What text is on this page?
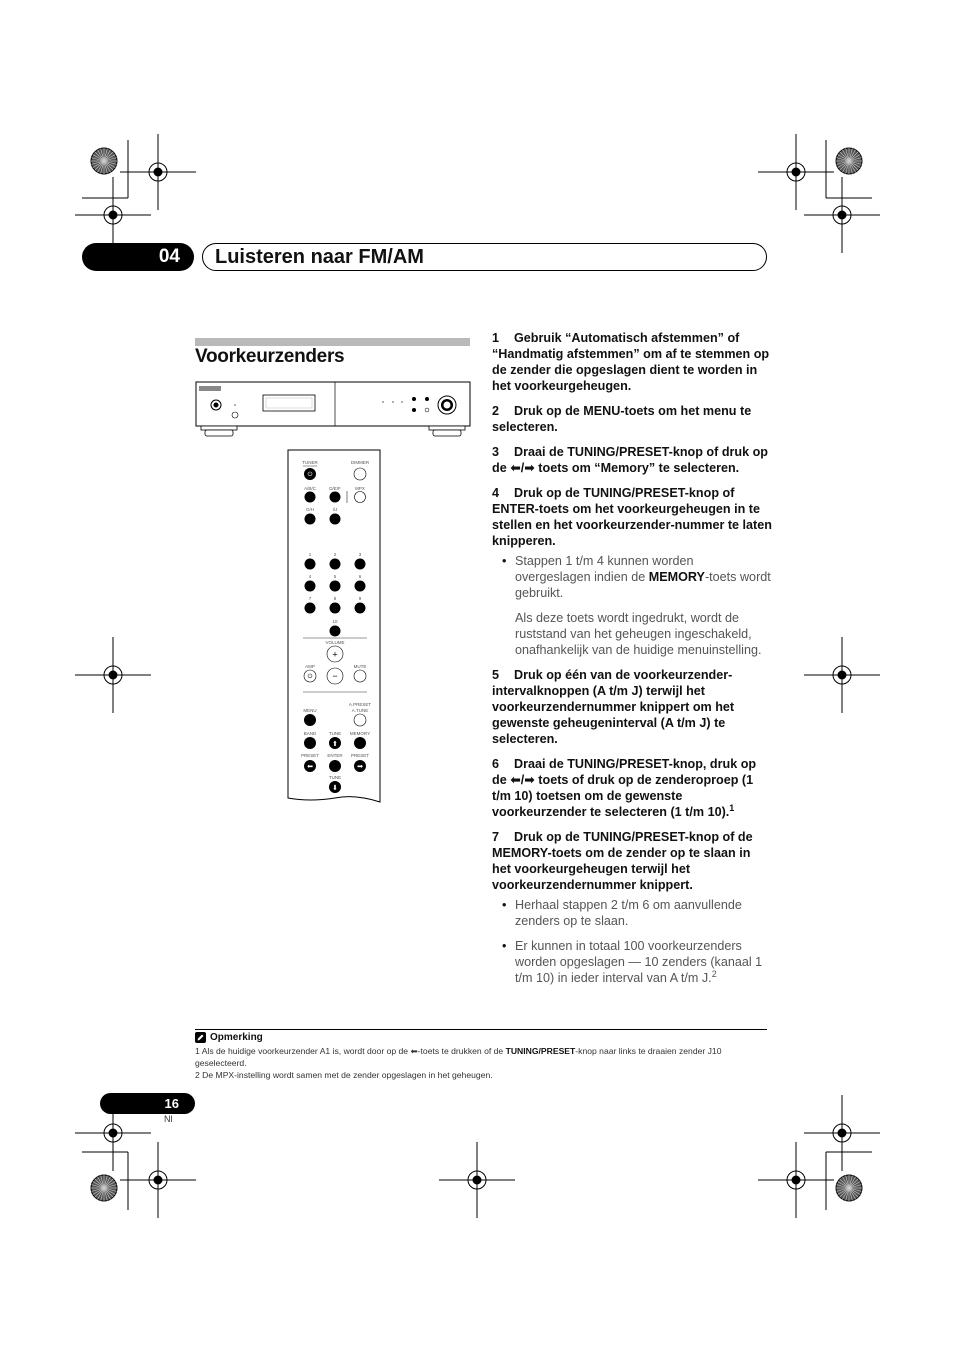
04	Luisteren naar FM/AM
Voorkeurzenders
TUNER
⏻
DIMMER
A/B/C	D/E/F	MPX
G/H	I/J
1	2	3
4	5	6
7	8	9
10
VOLUME
+
−
AMP
⏻
MUTE
A.PRESET
A.TUNE
MENU
BAND	TUNE
⬆
MEMORY
PRESET
⬅
ENTER PRESET
➡
TUNE
⬇
1 Gebruik “Automatisch afstemmen” of “Handmatig afstemmen” om af te stemmen op de zender die opgeslagen dient te worden in het voorkeurgeheugen.
2 Druk op de MENU-toets om het menu te selecteren.
3 Draai de TUNING/PRESET-knop of druk op de ⬅/➡ toets om “Memory” te selecteren.
4 Druk op de TUNING/PRESET-knop of ENTER-toets om het voorkeurgeheugen in te stellen en het voorkeurzender-nummer te laten knipperen.
• Stappen 1 t/m 4 kunnen worden overgeslagen indien de MEMORY-toets wordt gebruikt.
Als deze toets wordt ingedrukt, wordt de ruststand van het geheugen ingeschakeld, onafhankelijk van de huidige menuinstelling.
5 Druk op één van de voorkeurzender-intervalknoppen (A t/m J) terwijl het voorkeurzendernummer knippert om het gewenste geheugeninterval (A t/m J) te selecteren.
6 Draai de TUNING/PRESET-knop, druk op de ⬅/➡ toets of druk op de zenderoproep (1 t/m 10) toetsen om de gewenste voorkeurzender te selecteren (1 t/m 10).$^1$
7 Druk op de TUNING/PRESET-knop of de MEMORY-toets om de zender op te slaan in het voorkeurgeheugen terwijl het voorkeurzendernummer knippert.
• Herhaal stappen 2 t/m 6 om aanvullende zenders op te slaan.
• Er kunnen in totaal 100 voorkeurzenders worden opgeslagen — 10 zenders (kanaal 1 t/m 10) in ieder interval van A t/m J.$^2$
Opmerking
1 Als de huidige voorkeurzender A1 is, wordt door op de ⬅-toets te drukken of de TUNING/PRESET-knop naar links te draaien zender J10 geselecteerd.
2 De MPX-instelling wordt samen met de zender opgeslagen in het geheugen.
16
Nl
